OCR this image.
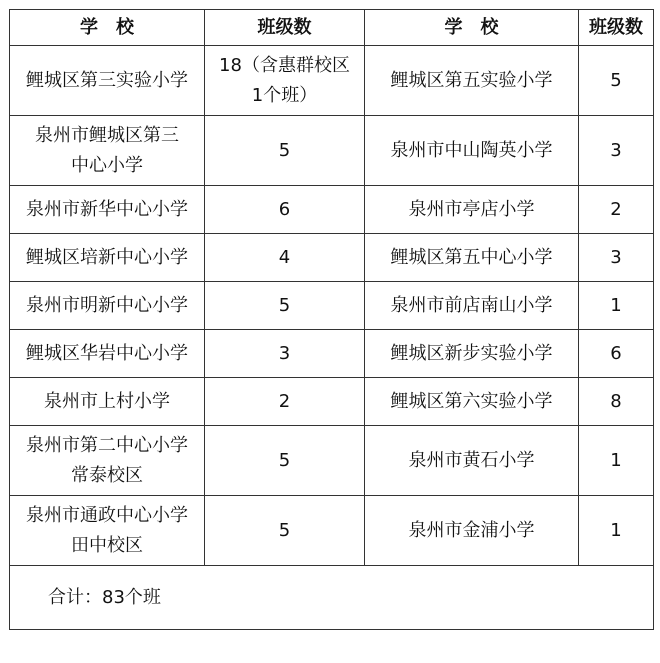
学　校	班级数	学　校	班级数
鲤城区第三实验小学	18（含惠群校区
1个班）	鲤城区第五实验小学	5
泉州市鲤城区第三
中心小学	5	泉州市中山陶英小学	3
泉州市新华中心小学	6	泉州市亭店小学	2
鲤城区培新中心小学	4	鲤城区第五中心小学	3
泉州市明新中心小学	5	泉州市前店南山小学	1
鲤城区华岩中心小学	3	鲤城区新步实验小学	6
泉州市上村小学	2	鲤城区第六实验小学	8
泉州市第二中心小学
常泰校区	5	泉州市黄石小学	1
泉州市通政中心小学
田中校区	5	泉州市金浦小学	1
合计：83个班			
